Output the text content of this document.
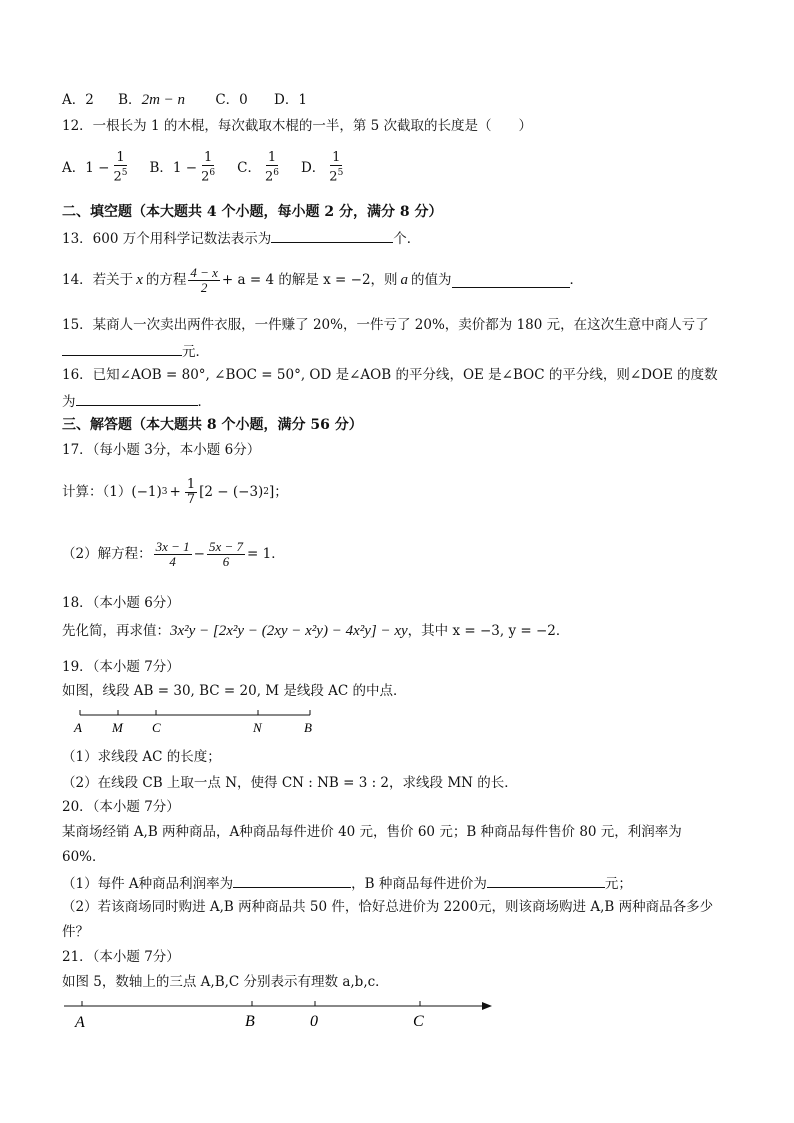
A．2 B．2m − n C．0 D．1
12．一根长为 1 的木棍，每次截取木棍的一半，第 5 次截取的长度是（　　）
A． $1 - \frac{1}{2^5}$ B． $1 - \frac{1}{2^6}$ C． $\frac{1}{2^6}$ D． $\frac{1}{2^5}$
二、填空题（本大题共 4 个小题，每小题 2 分，满分 8 分）
13．600 万个用科学记数法表示为	个．
14．若关于 x 的方程 $\frac{4 - x}{2} + a = 4$ 的解是 x = −2，则 a 的值为	．
15．某商人一次卖出两件衣服，一件赚了 20%，一件亏了 20%，卖价都为 180 元，在这次生意中商人亏了
元．
16．已知∠AOB = 80°, ∠BOC = 50°, OD 是∠AOB 的平分线，OE 是∠BOC 的平分线，则∠DOE 的度数
为	．
三、解答题（本大题共 8 个小题，满分 56 分）
17．（每小题 3分，本小题 6分）
计算：（1）(−1) $3 + \frac{1}{7} [2 - (-3)$ 2 ]；
（2）解方程： $\frac{3x - 1}{4} - \frac{5x - 7}{6} = 1$．
18．（本小题 6分）
先化简，再求值：3x²y − [2x²y − (2xy − x²y) − 4x²y] − xy，其中 x = −3, y = −2．
19．（本小题 7分）
如图，线段 AB = 30, BC = 20, M 是线段 AC 的中点．
A M C	N	B
（1）求线段 AC 的长度；
（2）在线段 CB 上取一点 N，使得 CN : NB = 3 : 2，求线段 MN 的长．
20．（本小题 7分）
某商场经销 A,B 两种商品，A种商品每件进价 40 元，售价 60 元；B 种商品每件售价 80 元，利润率为
60%．
（1）每件 A种商品利润率为	，B 种商品每件进价为	元；
（2）若该商场同时购进 A,B 两种商品共 50 件，恰好总进价为 2200元，则该商场购进 A,B 两种商品各多少
件？
21．（本小题 7分）
如图 5，数轴上的三点 A,B,C 分别表示有理数 a,b,c．
A	B	0	C
